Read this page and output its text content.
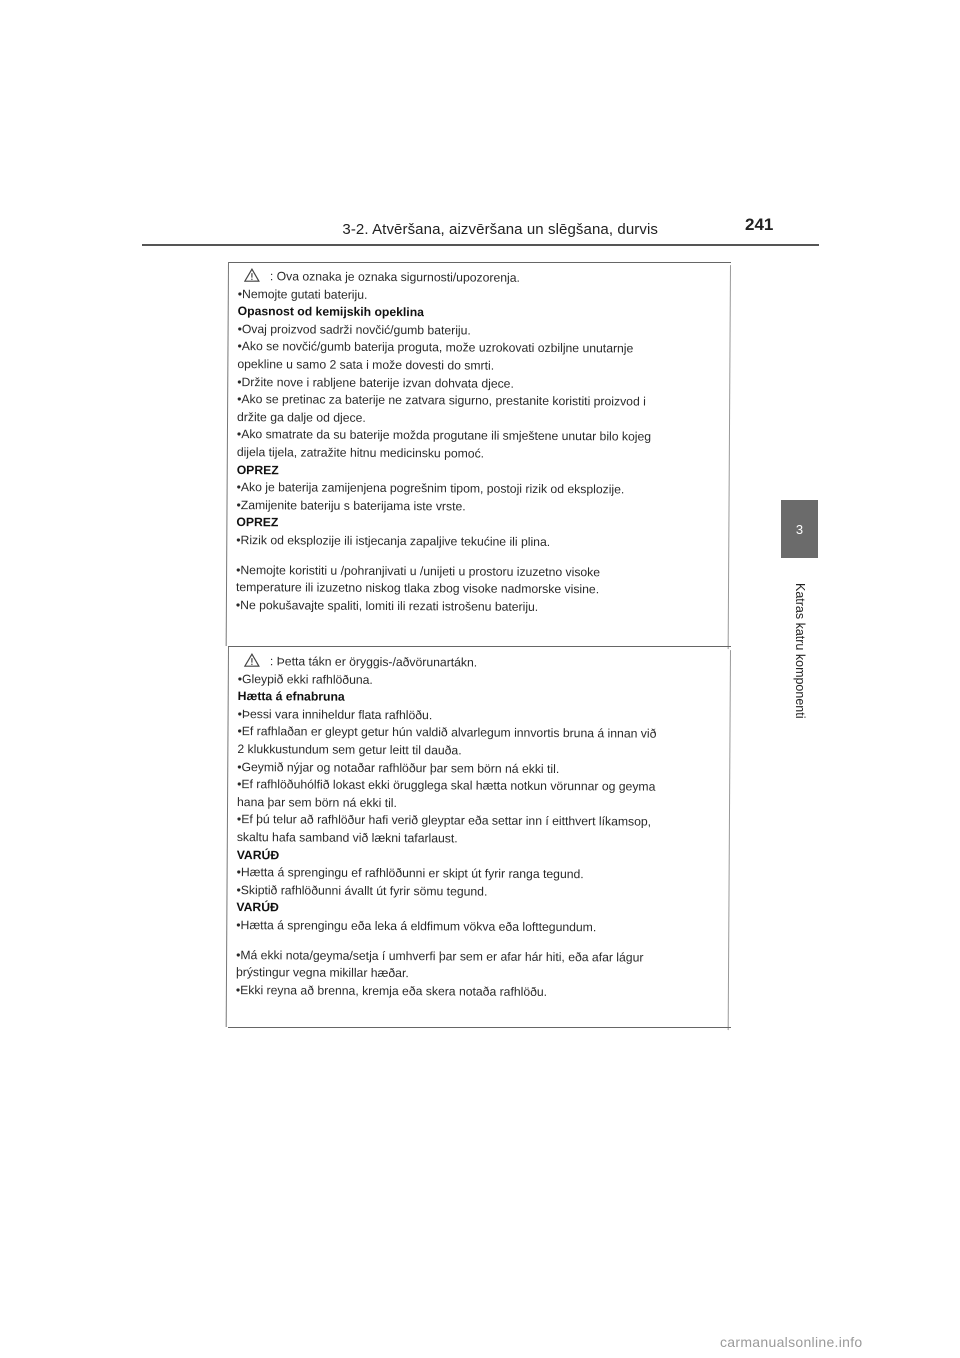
3-2. Atvēršana, aizvēršana un slēgšana, durvis	241
3
Katras katru komponenti
: Ova oznaka je oznaka sigurnosti/upozorenja.
•Nemojte gutati bateriju.
Opasnost od kemijskih opeklina
•Ovaj proizvod sadrži novčić/gumb bateriju.
•Ako se novčić/gumb baterija proguta, može uzrokovati ozbiljne unutarnje
opekline u samo 2 sata i može dovesti do smrti.
•Držite nove i rabljene baterije izvan dohvata djece.
•Ako se pretinac za baterije ne zatvara sigurno, prestanite koristiti proizvod i
držite ga dalje od djece.
•Ako smatrate da su baterije možda progutane ili smještene unutar bilo kojeg
dijela tijela, zatražite hitnu medicinsku pomoć.
OPREZ
•Ako je baterija zamijenjena pogrešnim tipom, postoji rizik od eksplozije.
•Zamijenite bateriju s baterijama iste vrste.
OPREZ
•Rizik od eksplozije ili istjecanja zapaljive tekućine ili plina.
•Nemojte koristiti u /pohranjivati u /unijeti u prostoru izuzetno visoke
temperature ili izuzetno niskog tlaka zbog visoke nadmorske visine.
•Ne pokušavajte spaliti, lomiti ili rezati istrošenu bateriju.
: Þetta tákn er öryggis-/aðvörunartákn.
•Gleypið ekki rafhlöðuna.
Hætta á efnabruna
•Þessi vara inniheldur flata rafhlöðu.
•Ef rafhlaðan er gleypt getur hún valdið alvarlegum innvortis bruna á innan við
2 klukkustundum sem getur leitt til dauða.
•Geymið nýjar og notaðar rafhlöður þar sem börn ná ekki til.
•Ef rafhlöðuhólfið lokast ekki örugglega skal hætta notkun vörunnar og geyma
hana þar sem börn ná ekki til.
•Ef þú telur að rafhlöður hafi verið gleyptar eða settar inn í eitthvert líkamsop,
skaltu hafa samband við lækni tafarlaust.
VARÚÐ
•Hætta á sprengingu ef rafhlöðunni er skipt út fyrir ranga tegund.
•Skiptið rafhlöðunni ávallt út fyrir sömu tegund.
VARÚÐ
•Hætta á sprengingu eða leka á eldfimum vökva eða lofttegundum.
•Má ekki nota/geyma/setja í umhverfi þar sem er afar hár hiti, eða afar lágur
þrýstingur vegna mikillar hæðar.
•Ekki reyna að brenna, kremja eða skera notaða rafhlöðu.
carmanualsonline.info
